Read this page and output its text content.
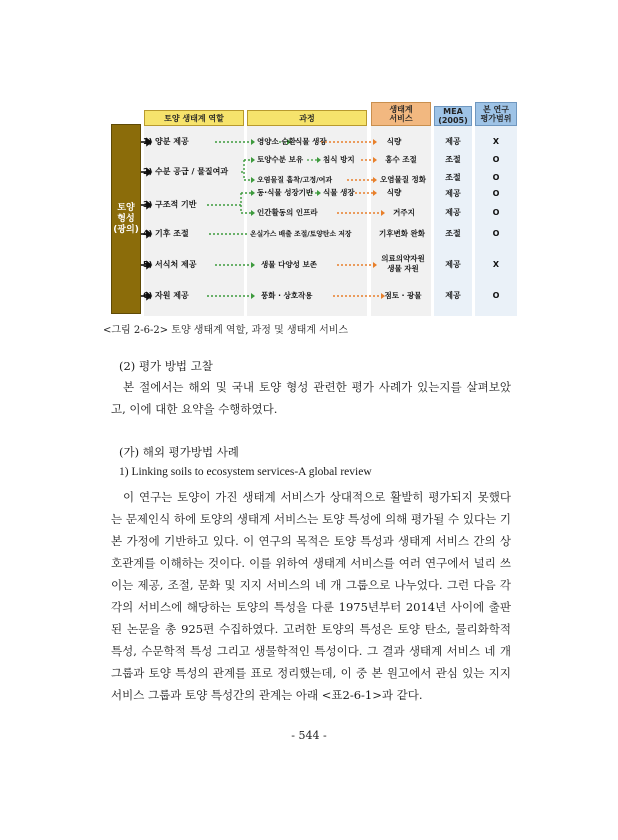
토양 생태계 역할	과정
생태계
서비스
MEA
(2005)
본 연구
평가범위
토양
형성
(광의)
1) 양분 제공
2) 수분 공급 / 물질여과
3) 구조적 기반
4) 기후 조절
5) 서식처 제공
6) 자원 제공
영양소 순환 식물 생장
토양수분 보유	침식 방지
오염물질 흡착/고정/여과
동·식물 성장기반 식물 생장
인간활동의 인프라
온실가스 배출 조절/토양탄소 저장
생물 다양성 보존
풍화 · 상호작용
식량
홍수 조절
오염물질 정화
식량
거주지
기후변화 완화
의료의약자원
생물 자원
점토 · 광물
제공
조절
조절
제공
제공
조절
제공
제공
X
O
O
O
O
O
X
O
<그림 2-6-2> 토양 생태계 역할, 과정 및 생태계 서비스
(2) 평가 방법 고찰
본 절에서는 해외 및 국내 토양 형성 관련한 평가 사례가 있는지를 살펴보았고, 이에 대한 요약을 수행하였다.
(가) 해외 평가방법 사례
1) Linking soils to ecosystem services-A global review
이 연구는 토양이 가진 생태계 서비스가 상대적으로 활발히 평가되지 못했다는 문제인식 하에 토양의 생태계 서비스는 토양 특성에 의해 평가될 수 있다는 기본 가정에 기반하고 있다. 이 연구의 목적은 토양 특성과 생태계 서비스 간의 상호관계를 이해하는 것이다. 이를 위하여 생태계 서비스를 여러 연구에서 널리 쓰이는 제공, 조절, 문화 및 지지 서비스의 네 개 그룹으로 나누었다. 그런 다음 각각의 서비스에 해당하는 토양의 특성을 다룬 1975년부터 2014년 사이에 출판된 논문을 총 925편 수집하였다. 고려한 토양의 특성은 토양 탄소, 물리화학적 특성, 수문학적 특성 그리고 생물학적인 특성이다. 그 결과 생태계 서비스 네 개 그룹과 토양 특성의 관계를 표로 정리했는데, 이 중 본 원고에서 관심 있는 지지 서비스 그룹과 토양 특성간의 관계는 아래 <표2-6-1>과 같다.
- 544 -
